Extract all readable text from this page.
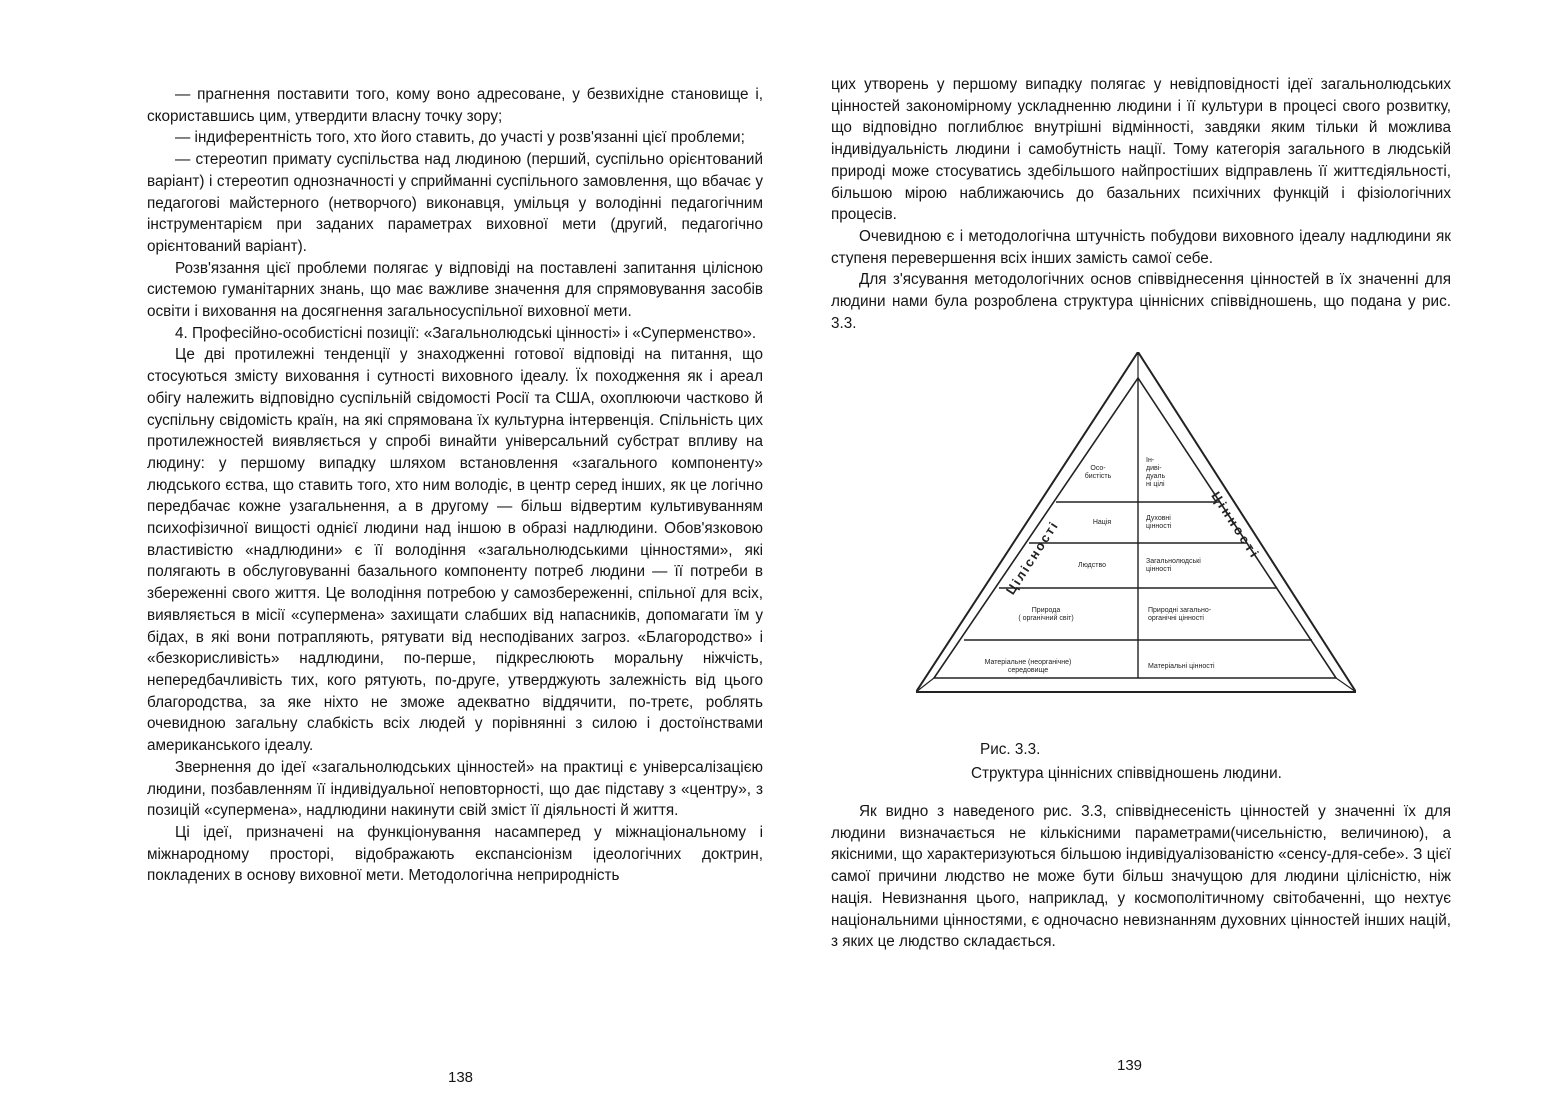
— прагнення поставити того, кому воно адресоване, у безвихідне становище і, скориставшись цим, утвердити власну точку зору;

— індиферентність того, хто його ставить, до участі у розв'язанні цієї проблеми;

— стереотип примату суспільства над людиною (перший, суспільно орієнтований варіант) і стереотип однозначності у сприйманні суспільного замовлення, що вбачає у педагогові майстерного (нетворчого) виконавця, умільця у володінні педагогічним інструментарієм при заданих параметрах виховної мети (другий, педагогічно орієнтований варіант).

Розв'язання цієї проблеми полягає у відповіді на поставлені запитання цілісною системою гуманітарних знань, що має важливе значення для спрямовування засобів освіти і виховання на досягнення загальносуспільної виховної мети.

4. Професійно-особистісні позиції: «Загальнолюдські цінності» і «Суперменство».

Це дві протилежні тенденції у знаходженні готової відповіді на питання, що стосуються змісту виховання і сутності виховного ідеалу. Їх походження як і ареал обігу належить відповідно суспільній свідомості Росії та США, охоплюючи частково й суспільну свідомість країн, на які спрямована їх культурна інтервенція. Спільність цих протилежностей виявляється у спробі винайти універсальний субстрат впливу на людину: у першому випадку шляхом встановлення «загального компоненту» людського єства, що ставить того, хто ним володіє, в центр серед інших, як це логічно передбачає кожне узагальнення, а в другому — більш відвертим культивуванням психофізичної вищості однієї людини над іншою в образі надлюдини. Обов'язковою властивістю «надлюдини» є її володіння «загальнолюдськими цінностями», які полягають в обслуговуванні базального компоненту потреб людини — її потреби в збереженні свого життя. Це володіння потребою у самозбереженні, спільної для всіх, виявляється в місії «супермена» захищати слабших від напасників, допомагати їм у бідах, в які вони потрапляють, рятувати від несподіваних загроз. «Благородство» і «безкорисливість» надлюдини, по-перше, підкреслюють моральну ніжчість, непередбачливість тих, кого рятують, по-друге, утверджують залежність від цього благородства, за яке ніхто не зможе адекватно віддячити, по-третє, роблять очевидною загальну слабкість всіх людей у порівнянні з силою і достоїнствами американського ідеалу.

Звернення до ідеї «загальнолюдських цінностей» на практиці є універсалізацією людини, позбавленням її індивідуальної неповторності, що дає підставу з «центру», з позицій «супермена», надлюдини накинути свій зміст її діяльності й життя.

Ці ідеї, призначені на функціонування насамперед у міжнаціональному і міжнародному просторі, відображають експансіонізм ідеологічних доктрин, покладених в основу виховної мети. Методологічна неприродність

138

цих утворень у першому випадку полягає у невідповідності ідеї загальнолюдських цінностей закономірному ускладненню людини і її культури в процесі свого розвитку, що відповідно поглиблює внутрішні відмінності, завдяки яким тільки й можлива індивідуальність людини і самобутність нації. Тому категорія загального в людській природі може стосуватись здебільшого найпростіших відправлень її життєдіяльності, більшою мірою наближаючись до базальних психічних функцій і фізіологічних процесів.

Очевидною є і методологічна штучність побудови виховного ідеалу надлюдини як ступеня перевершення всіх інших замість самої себе.

Для з'ясування методологічних основ співвіднесення цінностей в їх значенні для людини нами була розроблена структура ціннісних співвідношень, що подана у рис. 3.3.

Цілісності	Цінності
Осо-бистість
Ін-диві-дуаль ні цілі
Нація
Духовні цінності
Людство
Загальнолюдські цінності
Природа ( органічний світ)
Природні загально-органічні цінності
Матеріальне (неорганічне) середовище
Матеріальні цінності
Рис. 3.3.
Структура ціннісних співвідношень людини.

Як видно з наведеного рис. 3.3, співвіднесеність цінностей у значенні їх для людини визначається не кількісними параметрами(чисельністю, величиною), а якісними, що характеризуються більшою індивідуалізованістю «сенсу-для-себе». З цієї самої причини людство не може бути більш значущою для людини цілісністю, ніж нація. Невизнання цього, наприклад, у космополітичному світобаченні, що нехтує національними цінностями, є одночасно невизнанням духовних цінностей інших націй, з яких це людство складається.

139
